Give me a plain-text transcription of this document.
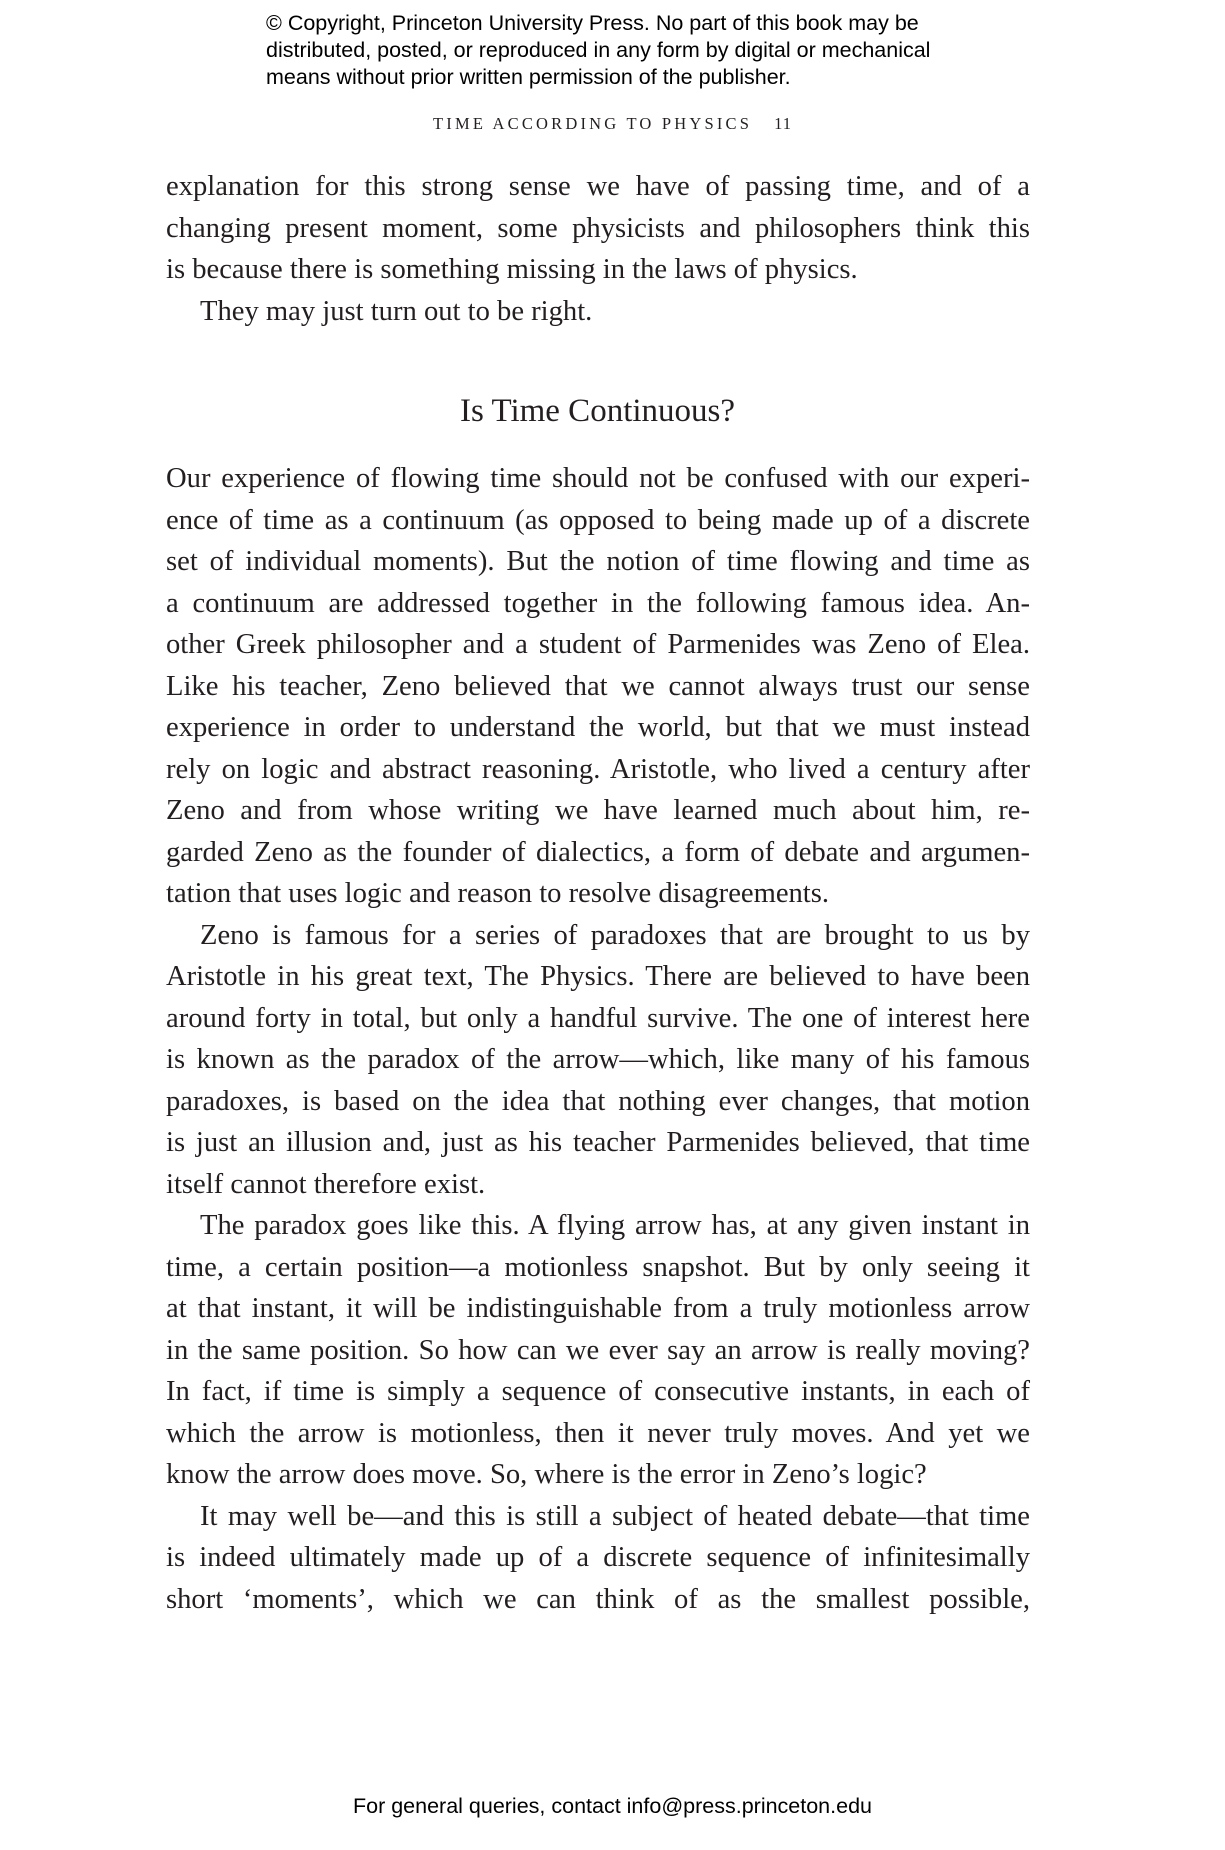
© Copyright, Princeton University Press. No part of this book may be
distributed, posted, or reproduced in any form by digital or mechanical
means without prior written permission of the publisher.
TIME ACCORDING TO PHYSICS 11
explanation for this strong sense we have of passing time, and of a
changing present moment, some physicists and philosophers think this
is because there is something missing in the laws of physics.
They may just turn out to be right.
Is Time Continuous?
Our experience of flowing time should not be confused with our experi-
ence of time as a continuum (as opposed to being made up of a discrete
set of individual moments). But the notion of time flowing and time as
a continuum are addressed together in the following famous idea. An-
other Greek philosopher and a student of Parmenides was Zeno of Elea.
Like his teacher, Zeno believed that we cannot always trust our sense
experience in order to understand the world, but that we must instead
rely on logic and abstract reasoning. Aristotle, who lived a century after
Zeno and from whose writing we have learned much about him, re-
garded Zeno as the founder of dialectics, a form of debate and argumen-
tation that uses logic and reason to resolve disagreements.
Zeno is famous for a series of paradoxes that are brought to us by
Aristotle in his great text, The Physics. There are believed to have been
around forty in total, but only a handful survive. The one of interest here
is known as the paradox of the arrow—which, like many of his famous
paradoxes, is based on the idea that nothing ever changes, that motion
is just an illusion and, just as his teacher Parmenides believed, that time
itself cannot therefore exist.
The paradox goes like this. A flying arrow has, at any given instant in
time, a certain position—a motionless snapshot. But by only seeing it
at that instant, it will be indistinguishable from a truly motionless arrow
in the same position. So how can we ever say an arrow is really moving?
In fact, if time is simply a sequence of consecutive instants, in each of
which the arrow is motionless, then it never truly moves. And yet we
know the arrow does move. So, where is the error in Zeno’s logic?
It may well be—and this is still a subject of heated debate—that time
is indeed ultimately made up of a discrete sequence of infinitesimally
short ‘moments’, which we can think of as the smallest possible,
For general queries, contact info@press.princeton.edu
